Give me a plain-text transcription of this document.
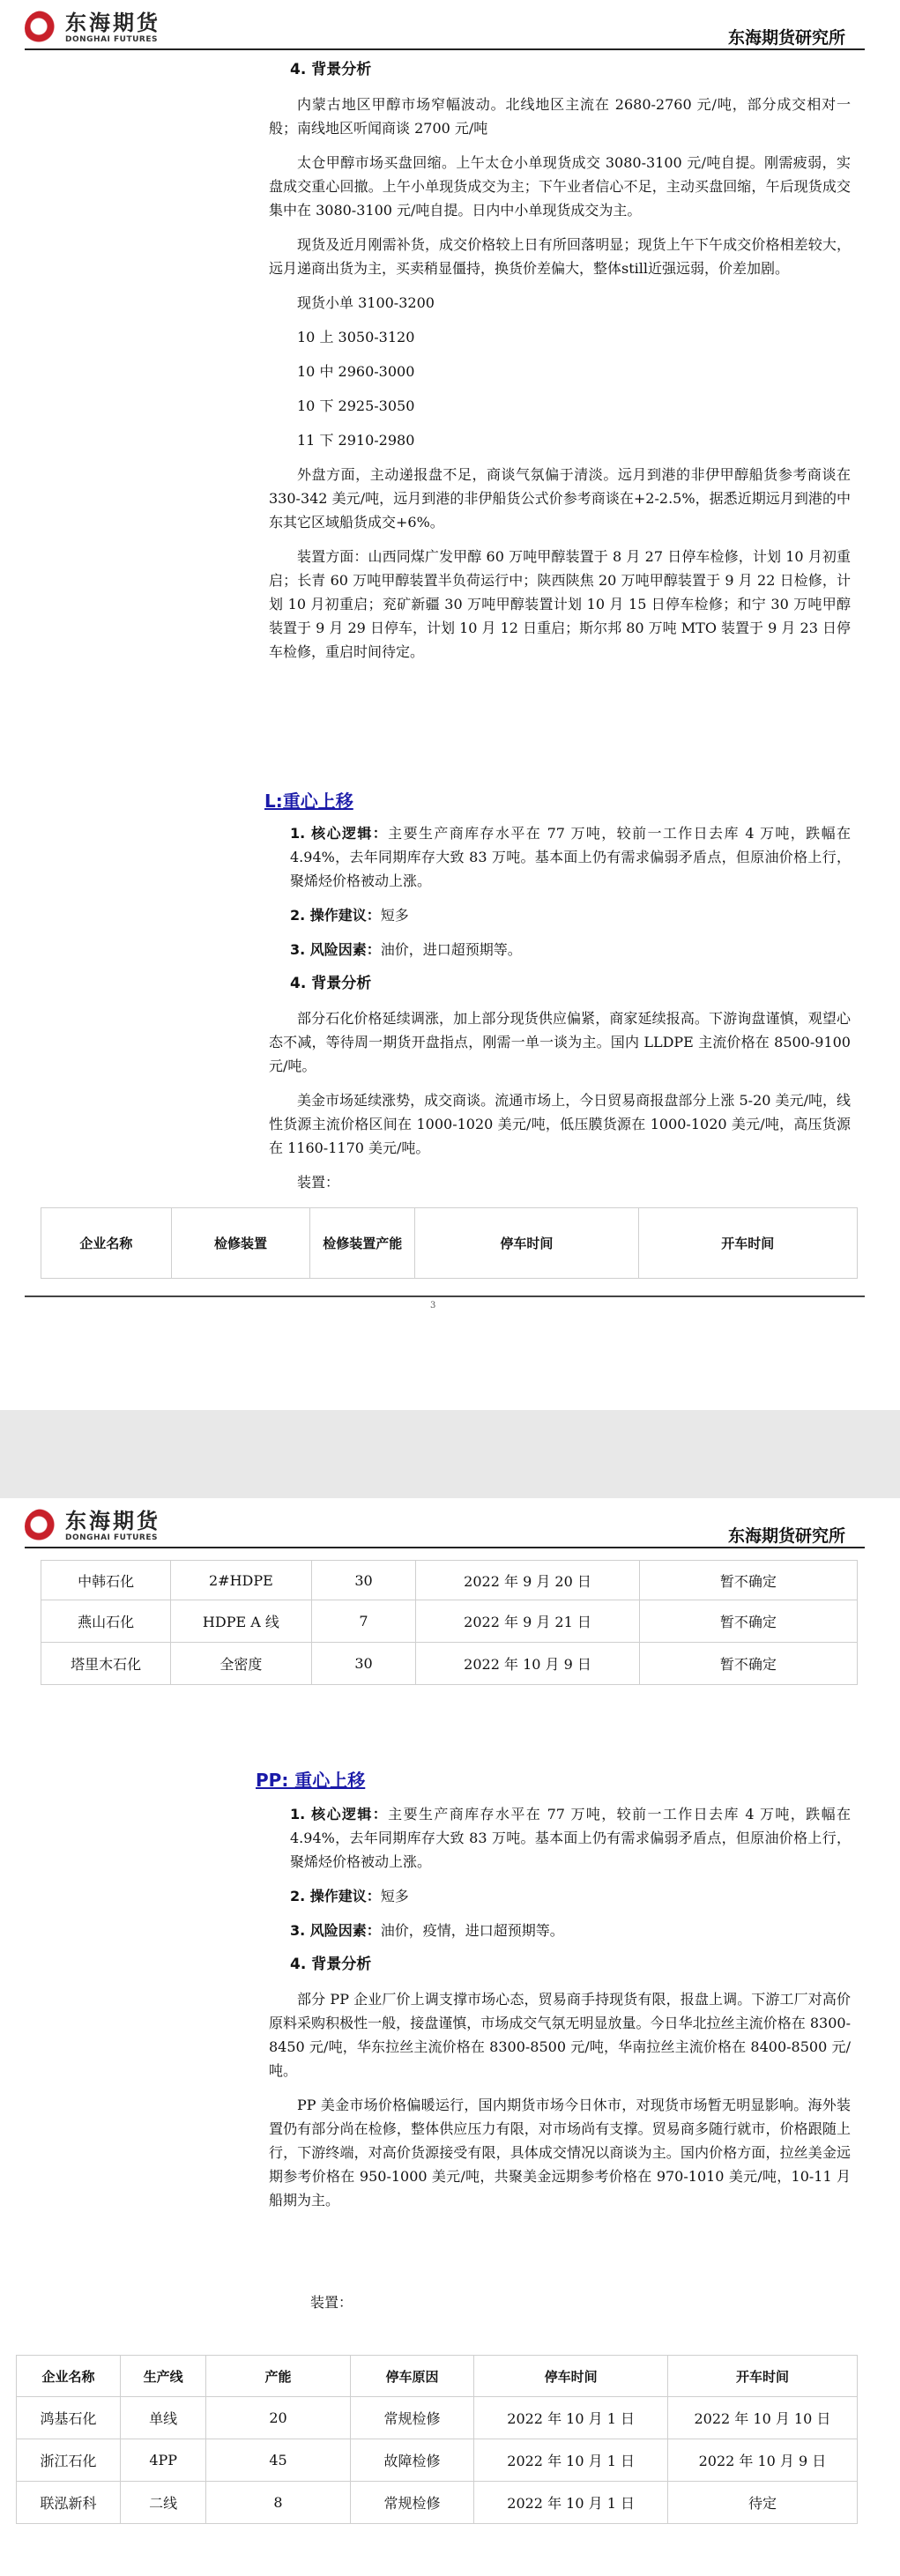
东海期货
DONGHAI FUTURES	东海期货研究所

4. 背景分析

内蒙古地区甲醇市场窄幅波动。北线地区主流在 2680-2760 元/吨，部分成交相对一般；南线地区听闻商谈 2700 元/吨

太仓甲醇市场买盘回缩。上午太仓小单现货成交 3080-3100 元/吨自提。刚需疲弱，实盘成交重心回撤。上午小单现货成交为主；下午业者信心不足，主动买盘回缩，午后现货成交集中在 3080-3100 元/吨自提。日内中小单现货成交为主。

现货及近月刚需补货，成交价格较上日有所回落明显；现货上午下午成交价格相差较大，远月递商出货为主，买卖稍显僵持，换货价差偏大，整体still近强远弱，价差加剧。

现货小单 3100-3200

10 上 3050-3120

10 中 2960-3000

10 下 2925-3050

11 下 2910-2980

外盘方面，主动递报盘不足，商谈气氛偏于清淡。远月到港的非伊甲醇船货参考商谈在 330-342 美元/吨，远月到港的非伊船货公式价参考商谈在+2-2.5%，据悉近期远月到港的中东其它区域船货成交+6%。

装置方面：山西同煤广发甲醇 60 万吨甲醇装置于 8 月 27 日停车检修，计划 10 月初重启；长青 60 万吨甲醇装置半负荷运行中；陕西陕焦 20 万吨甲醇装置于 9 月 22 日检修，计划 10 月初重启；兖矿新疆 30 万吨甲醇装置计划 10 月 15 日停车检修；和宁 30 万吨甲醇装置于 9 月 29 日停车，计划 10 月 12 日重启；斯尔邦 80 万吨 MTO 装置于 9 月 23 日停车检修，重启时间待定。

L:重心上移

1. 核心逻辑：主要生产商库存水平在 77 万吨，较前一工作日去库 4 万吨，跌幅在 4.94%，去年同期库存大致 83 万吨。基本面上仍有需求偏弱矛盾点，但原油价格上行，聚烯烃价格被动上涨。

2. 操作建议：短多

3. 风险因素：油价，进口超预期等。

4. 背景分析

部分石化价格延续调涨，加上部分现货供应偏紧，商家延续报高。下游询盘谨慎，观望心态不减，等待周一期货开盘指点，刚需一单一谈为主。国内 LLDPE 主流价格在 8500-9100 元/吨。

美金市场延续涨势，成交商谈。流通市场上，今日贸易商报盘部分上涨 5-20 美元/吨，线性货源主流价格区间在 1000-1020 美元/吨，低压膜货源在 1000-1020 美元/吨，高压货源在 1160-1170 美元/吨。

装置：

企业名称	检修装置	检修装置产能	停车时间	开车时间
3
东海期货
DONGHAI FUTURES	东海期货研究所
中韩石化	2#HDPE	30	2022 年 9 月 20 日	暂不确定
燕山石化	HDPE A 线	7	2022 年 9 月 21 日	暂不确定
塔里木石化	全密度	30	2022 年 10 月 9 日	暂不确定
PP: 重心上移

1. 核心逻辑：主要生产商库存水平在 77 万吨，较前一工作日去库 4 万吨，跌幅在 4.94%，去年同期库存大致 83 万吨。基本面上仍有需求偏弱矛盾点，但原油价格上行，聚烯烃价格被动上涨。

2. 操作建议：短多

3. 风险因素：油价，疫情，进口超预期等。

4. 背景分析

部分 PP 企业厂价上调支撑市场心态，贸易商手持现货有限，报盘上调。下游工厂对高价原料采购积极性一般，接盘谨慎，市场成交气氛无明显放量。今日华北拉丝主流价格在 8300-8450 元/吨，华东拉丝主流价格在 8300-8500 元/吨，华南拉丝主流价格在 8400-8500 元/吨。

PP 美金市场价格偏暖运行，国内期货市场今日休市，对现货市场暂无明显影响。海外装置仍有部分尚在检修，整体供应压力有限，对市场尚有支撑。贸易商多随行就市，价格跟随上行，下游终端，对高价货源接受有限，具体成交情况以商谈为主。国内价格方面，拉丝美金远期参考价格在 950-1000 美元/吨，共聚美金远期参考价格在 970-1010 美元/吨，10-11 月船期为主。

装置：
企业名称	生产线	产能	停车原因	停车时间	开车时间
鸿基石化	单线	20	常规检修	2022 年 10 月 1 日	2022 年 10 月 10 日
浙江石化	4PP	45	故障检修	2022 年 10 月 1 日	2022 年 10 月 9 日
联泓新科	二线	8	常规检修	2022 年 10 月 1 日	待定
